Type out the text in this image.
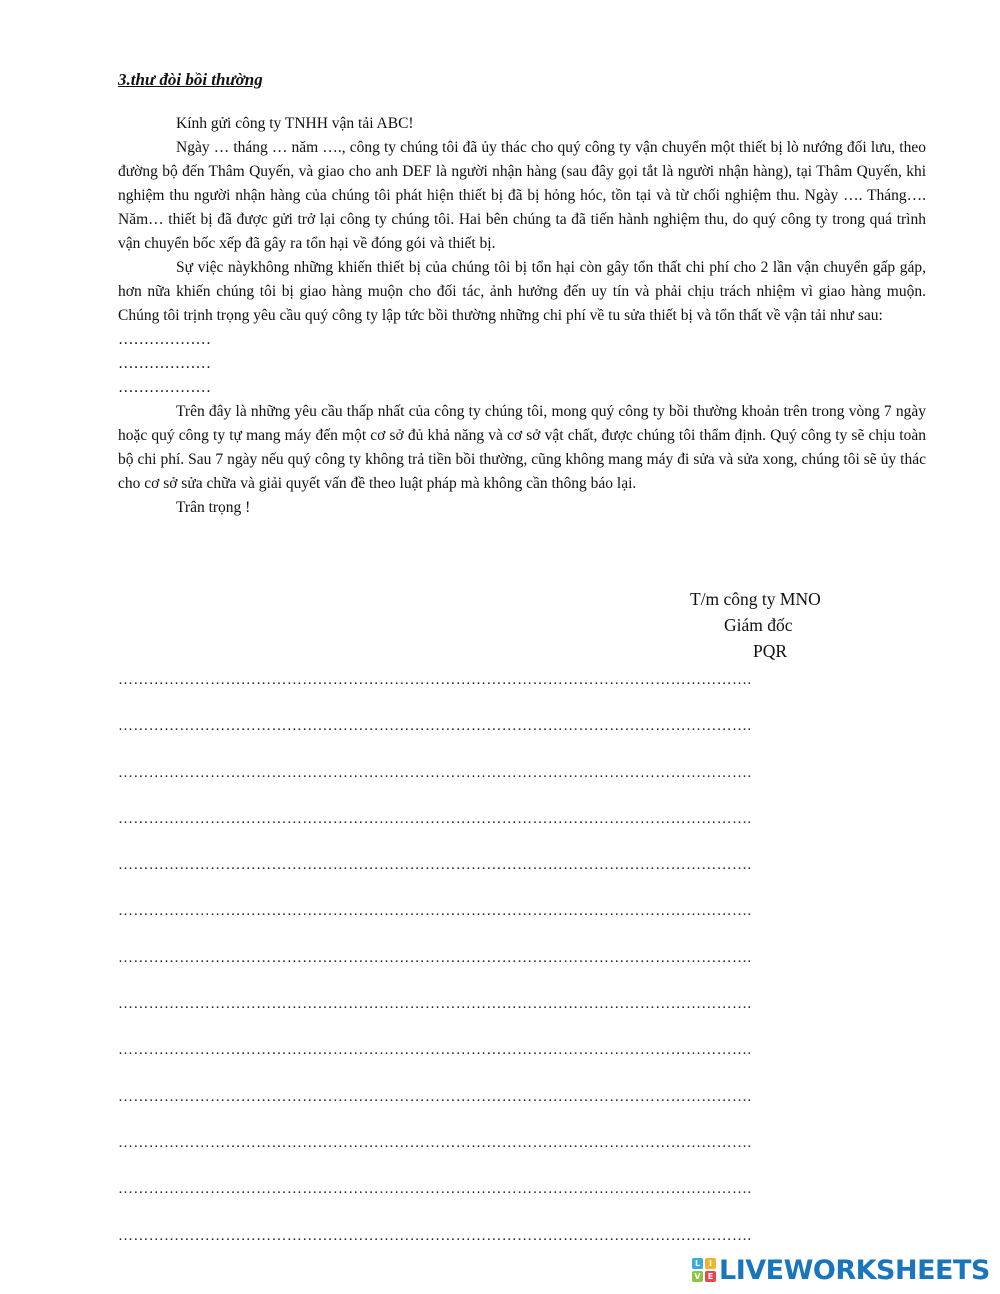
3.thư đòi bồi thường

Kính gửi công ty TNHH vận tải ABC!

Ngày … tháng … năm …., công ty chúng tôi đã ủy thác cho quý công ty vận chuyển một thiết bị lò nướng đối lưu, theo đường bộ đến Thâm Quyến, và giao cho anh DEF là người nhận hàng (sau đây gọi tắt là người nhận hàng), tại Thâm Quyến, khi nghiệm thu người nhận hàng của chúng tôi phát hiện thiết bị đã bị hỏng hóc, tồn tại và từ chối nghiệm thu. Ngày …. Tháng…. Năm… thiết bị đã được gửi trở lại công ty chúng tôi. Hai bên chúng ta đã tiến hành nghiệm thu, do quý công ty trong quá trình vận chuyển bốc xếp đã gây ra tổn hại về đóng gói và thiết bị.

Sự việc nàykhông những khiến thiết bị của chúng tôi bị tổn hại còn gây tổn thất chi phí cho 2 lần vận chuyển gấp gáp, hơn nữa khiến chúng tôi bị giao hàng muộn cho đối tác, ảnh hưởng đến uy tín và phải chịu trách nhiệm vì giao hàng muộn. Chúng tôi trịnh trọng yêu cầu quý công ty lập tức bồi thường những chi phí về tu sửa thiết bị và tổn thất về vận tải như sau:

………………

………………

………………

Trên đây là những yêu cầu thấp nhất của công ty chúng tôi, mong quý công ty bồi thường khoản trên trong vòng 7 ngày hoặc quý công ty tự mang máy đến một cơ sở đủ khả năng và cơ sở vật chất, được chúng tôi thẩm định. Quý công ty sẽ chịu toàn bộ chi phí. Sau 7 ngày nếu quý công ty không trả tiền bồi thường, cũng không mang máy đi sửa và sửa xong, chúng tôi sẽ ủy thác cho cơ sở sửa chữa và giải quyết vấn đề theo luật pháp mà không cần thông báo lại.

Trân trọng !

T/m công ty MNO
Giám đốc
PQR
…………………………………………………………………………………………………………….
…………………………………………………………………………………………………………….
…………………………………………………………………………………………………………….
…………………………………………………………………………………………………………….
…………………………………………………………………………………………………………….
…………………………………………………………………………………………………………….
…………………………………………………………………………………………………………….
…………………………………………………………………………………………………………….
…………………………………………………………………………………………………………….
…………………………………………………………………………………………………………….
…………………………………………………………………………………………………………….
…………………………………………………………………………………………………………….
…………………………………………………………………………………………………………….
L	I
V E LIVEWORKSHEETS
